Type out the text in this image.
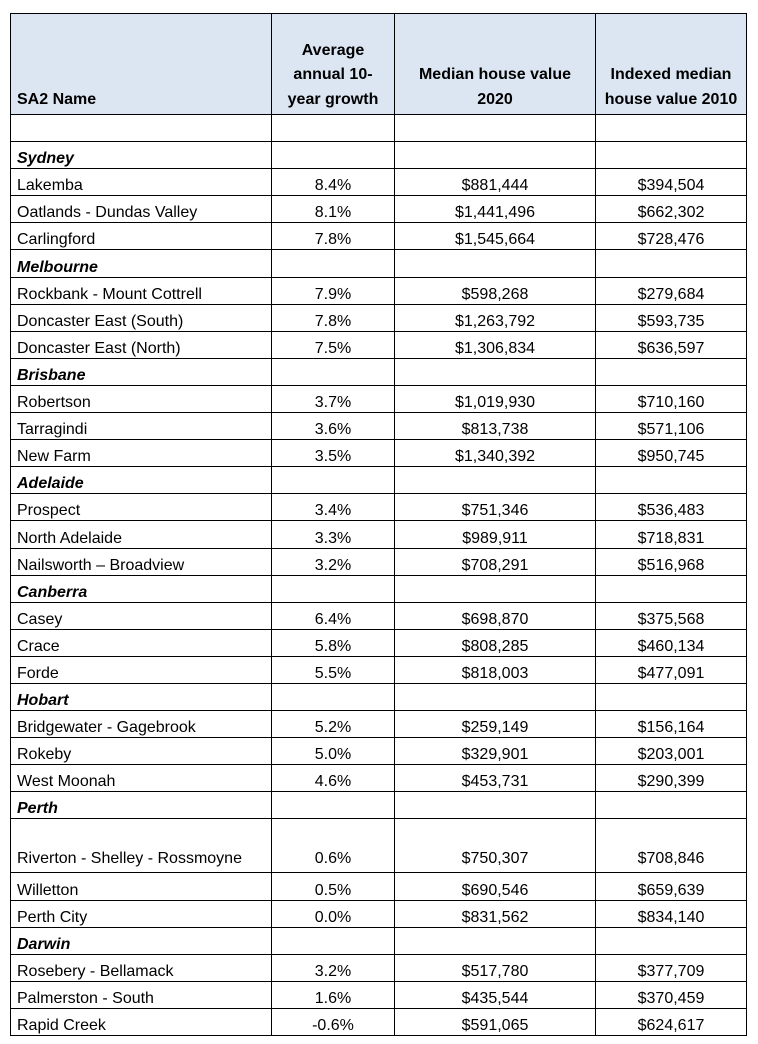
SA2 Name	Average annual 10-year growth	Median house value 2020	Indexed median house value 2010

Sydney			
Lakemba	8.4%	$881,444	$394,504
Oatlands - Dundas Valley	8.1%	$1,441,496	$662,302
Carlingford	7.8%	$1,545,664	$728,476
Melbourne			
Rockbank - Mount Cottrell	7.9%	$598,268	$279,684
Doncaster East (South)	7.8%	$1,263,792	$593,735
Doncaster East (North)	7.5%	$1,306,834	$636,597
Brisbane			
Robertson	3.7%	$1,019,930	$710,160
Tarragindi	3.6%	$813,738	$571,106
New Farm	3.5%	$1,340,392	$950,745
Adelaide			
Prospect	3.4%	$751,346	$536,483
North Adelaide	3.3%	$989,911	$718,831
Nailsworth – Broadview	3.2%	$708,291	$516,968
Canberra			
Casey	6.4%	$698,870	$375,568
Crace	5.8%	$808,285	$460,134
Forde	5.5%	$818,003	$477,091
Hobart			
Bridgewater - Gagebrook	5.2%	$259,149	$156,164
Rokeby	5.0%	$329,901	$203,001
West Moonah	4.6%	$453,731	$290,399
Perth			
Riverton - Shelley - Rossmoyne	0.6%	$750,307	$708,846
Willetton	0.5%	$690,546	$659,639
Perth City	0.0%	$831,562	$834,140
Darwin			
Rosebery - Bellamack	3.2%	$517,780	$377,709
Palmerston - South	1.6%	$435,544	$370,459
Rapid Creek	-0.6%	$591,065	$624,617
